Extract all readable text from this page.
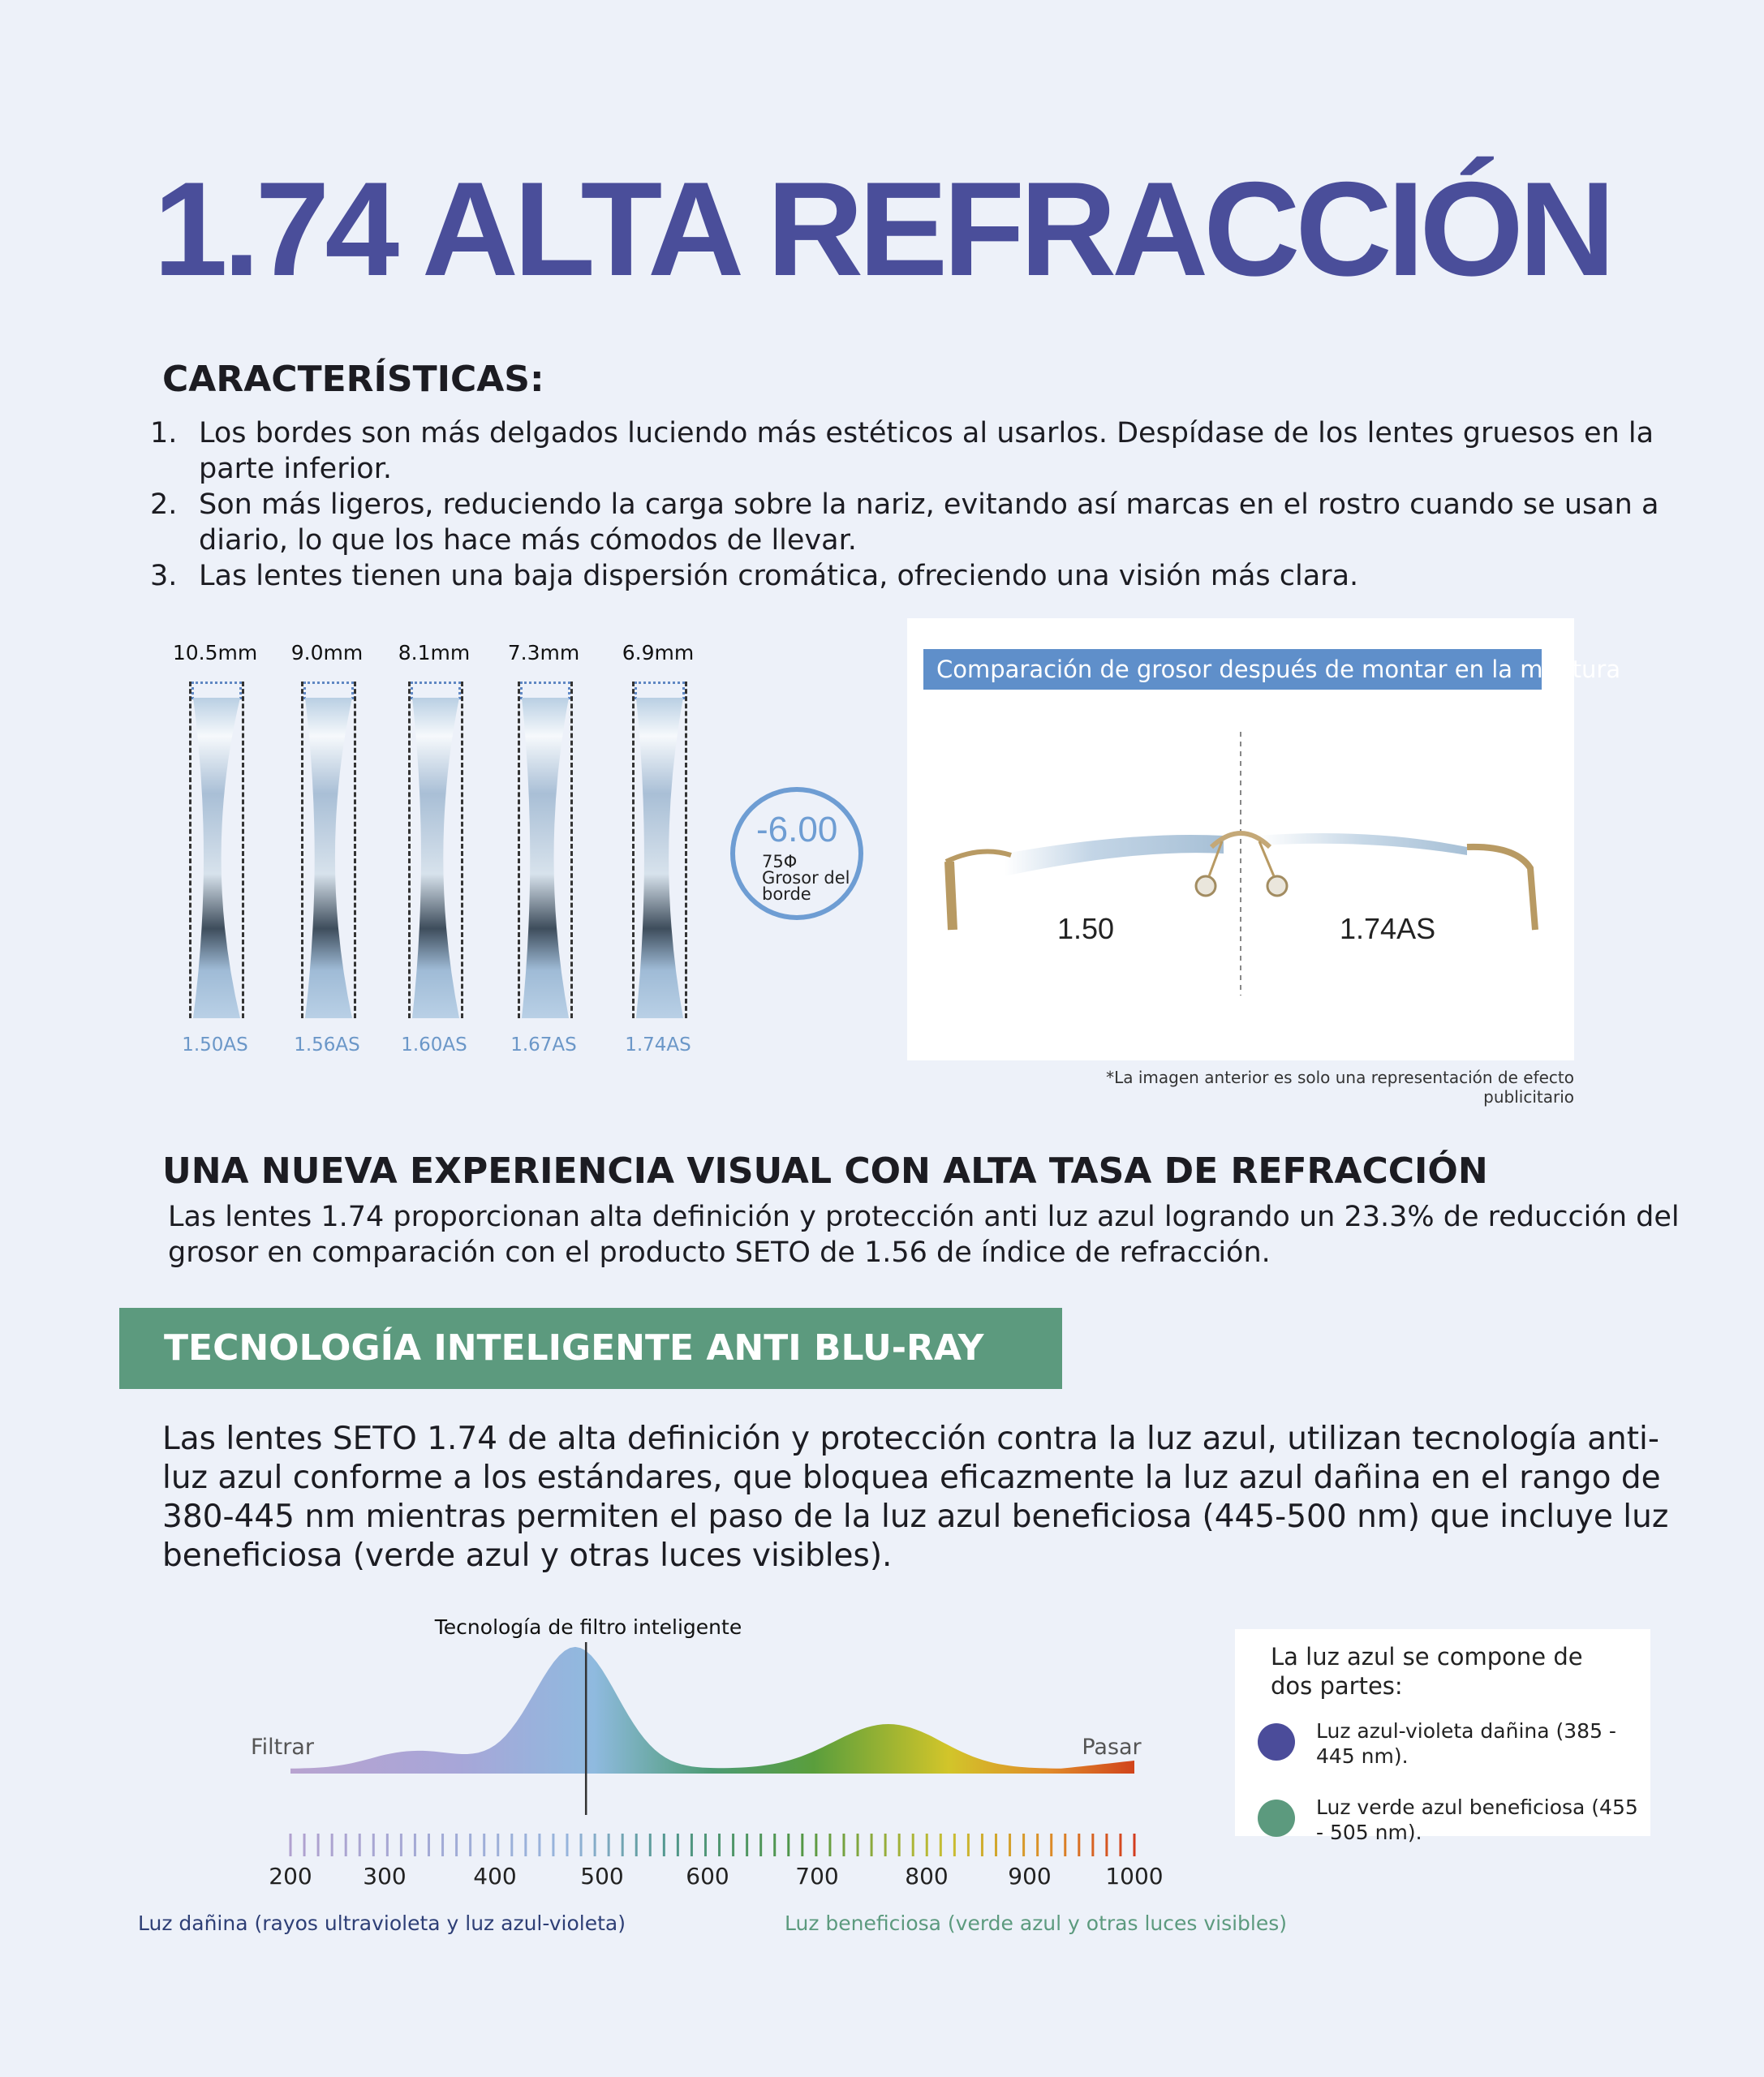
1.74 ALTA REFRACCIÓN
CARACTERÍSTICAS:
1. Los bordes son más delgados luciendo más estéticos al usarlos. Despídase de los lentes gruesos en la parte inferior.
2. Son más ligeros, reduciendo la carga sobre la nariz, evitando así marcas en el rostro cuando se usan a diario, lo que los hace más cómodos de llevar.
3. Las lentes tienen una baja dispersión cromática, ofreciendo una visión más clara.
10.5mm
1.50AS
9.0mm
1.56AS
8.1mm
1.60AS
7.3mm
1.67AS
6.9mm
1.74AS
-6.00
75Φ
Grosor del borde
Comparación de grosor después de montar en la montura
1.50	1.74AS
*La imagen anterior es solo una representación de efecto publicitario
UNA NUEVA EXPERIENCIA VISUAL CON ALTA TASA DE REFRACCIÓN
Las lentes 1.74 proporcionan alta definición y protección anti luz azul logrando un 23.3% de reducción del grosor en comparación con el producto SETO de 1.56 de índice de refracción.
TECNOLOGÍA INTELIGENTE ANTI BLU-RAY
Las lentes SETO 1.74 de alta definición y protección contra la luz azul, utilizan tecnología anti-luz azul conforme a los estándares, que bloquea eficazmente la luz azul dañina en el rango de 380-445 nm mientras permiten el paso de la luz azul beneficiosa (445-500 nm) que incluye luz beneficiosa (verde azul y otras luces visibles).
Tecnología de filtro inteligente
Filtrar	Pasar
200 300	400	500	600	700	800	900 1000
La luz azul se compone de dos partes:
Luz azul-violeta dañina (385 - 445 nm).
Luz verde azul beneficiosa (455 - 505 nm).
Luz dañina (rayos ultravioleta y luz azul-violeta)	Luz beneficiosa (verde azul y otras luces visibles)
